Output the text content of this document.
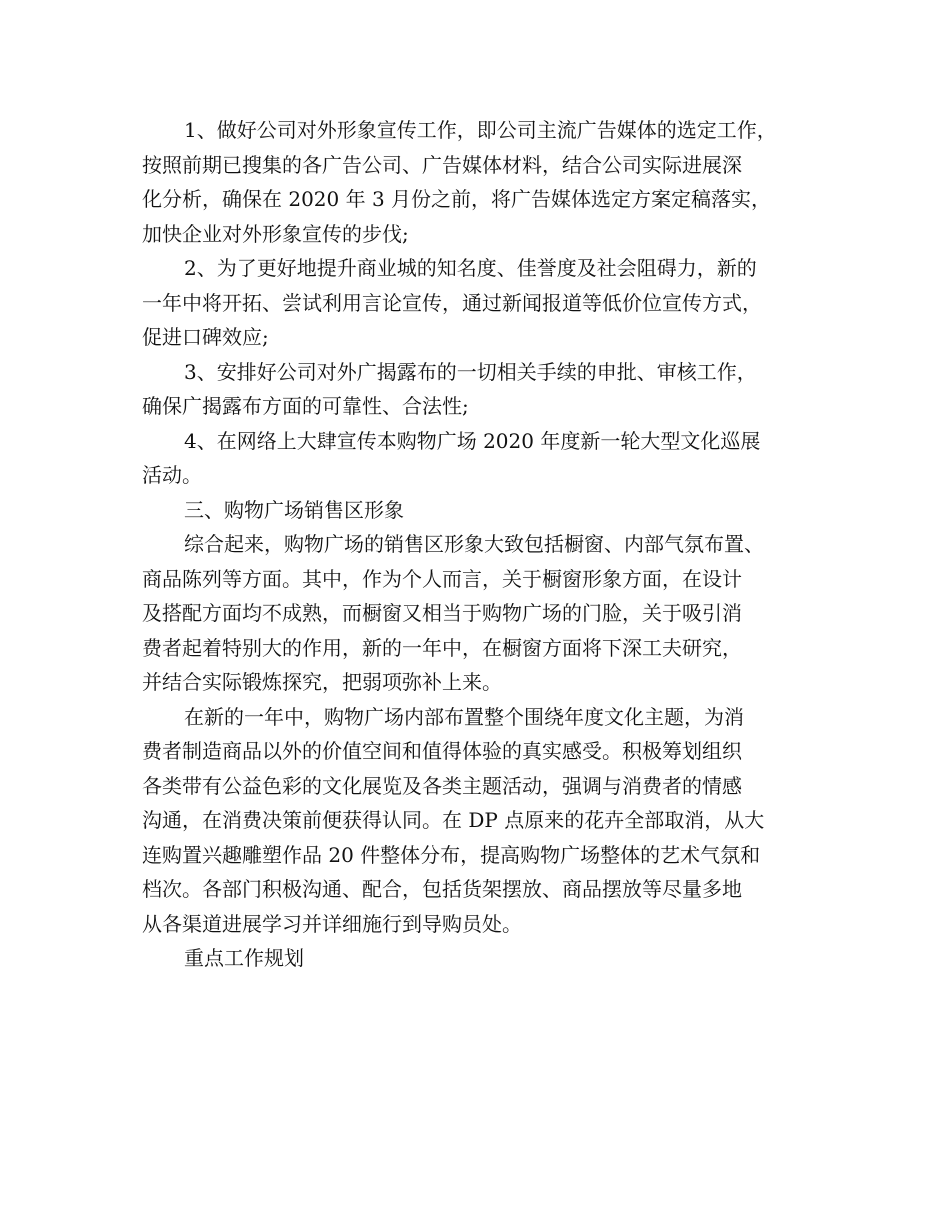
1、做好公司对外形象宣传工作，即公司主流广告媒体的选定工作，
按照前期已搜集的各广告公司、广告媒体材料，结合公司实际进展深
化分析，确保在 2020 年 3 月份之前，将广告媒体选定方案定稿落实，
加快企业对外形象宣传的步伐;
2、为了更好地提升商业城的知名度、佳誉度及社会阻碍力，新的
一年中将开拓、尝试利用言论宣传，通过新闻报道等低价位宣传方式，
促进口碑效应;
3、安排好公司对外广揭露布的一切相关手续的申批、审核工作，
确保广揭露布方面的可靠性、合法性;
4、在网络上大肆宣传本购物广场 2020 年度新一轮大型文化巡展
活动。
三、购物广场销售区形象
综合起来，购物广场的销售区形象大致包括橱窗、内部气氛布置、
商品陈列等方面。其中，作为个人而言，关于橱窗形象方面，在设计
及搭配方面均不成熟，而橱窗又相当于购物广场的门脸，关于吸引消
费者起着特别大的作用，新的一年中，在橱窗方面将下深工夫研究，
并结合实际锻炼探究，把弱项弥补上来。
在新的一年中，购物广场内部布置整个围绕年度文化主题，为消
费者制造商品以外的价值空间和值得体验的真实感受。积极筹划组织
各类带有公益色彩的文化展览及各类主题活动，强调与消费者的情感
沟通，在消费决策前便获得认同。在 DP 点原来的花卉全部取消，从大
连购置兴趣雕塑作品 20 件整体分布，提高购物广场整体的艺术气氛和
档次。各部门积极沟通、配合，包括货架摆放、商品摆放等尽量多地
从各渠道进展学习并详细施行到导购员处。
重点工作规划
